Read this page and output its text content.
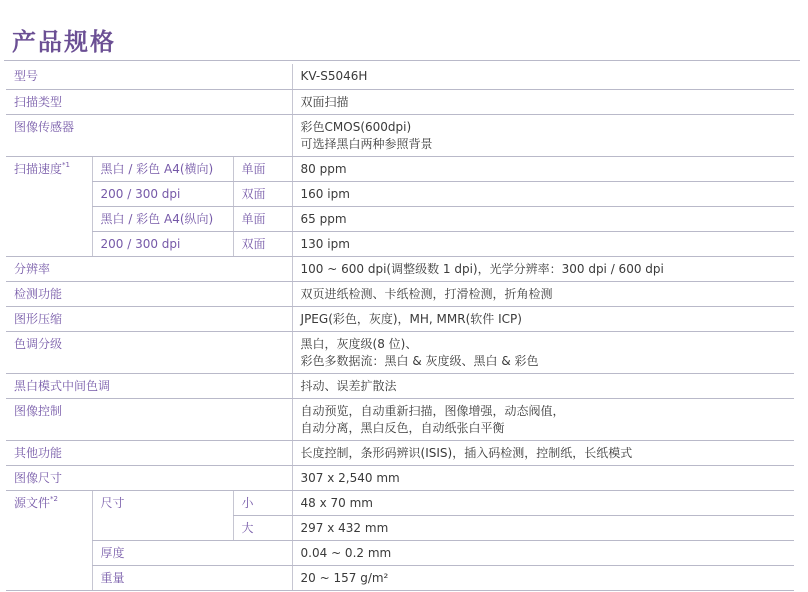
产品规格
型号			KV-S5046H
扫描类型			双面扫描
图像传感器			彩色CMOS(600dpi)
可选择黑白两种参照背景

扫描速度$^{*1}$	黑白 / 彩色 A4(横向)	单面	80 ppm
	200 / 300 dpi	双面	160 ipm
	黑白 / 彩色 A4(纵向)	单面	65 ppm
	200 / 300 dpi	双面	130 ipm
分辨率			100 ~ 600 dpi(调整级数 1 dpi)，光学分辨率：300 dpi / 600 dpi
检测功能			双页进纸检测、卡纸检测，打滑检测，折角检测
图形压缩			JPEG(彩色，灰度)，MH, MMR(软件 ICP)
色调分级			黑白，灰度级(8 位)、
彩色多数据流：黑白 & 灰度级、黑白 & 彩色

黑白模式中间色调			抖动、误差扩散法
图像控制			自动预览，自动重新扫描，图像增强，动态阀值，
自动分离，黑白反色，自动纸张白平衡

其他功能			长度控制，条形码辨识(ISIS)，插入码检测，控制纸，长纸模式
图像尺寸			307 x 2,540 mm
源文件$^{*2}$	尺寸	小	48 x 70 mm
		大	297 x 432 mm
	厚度		0.04 ~ 0.2 mm
	重量		20 ~ 157 g/m²
